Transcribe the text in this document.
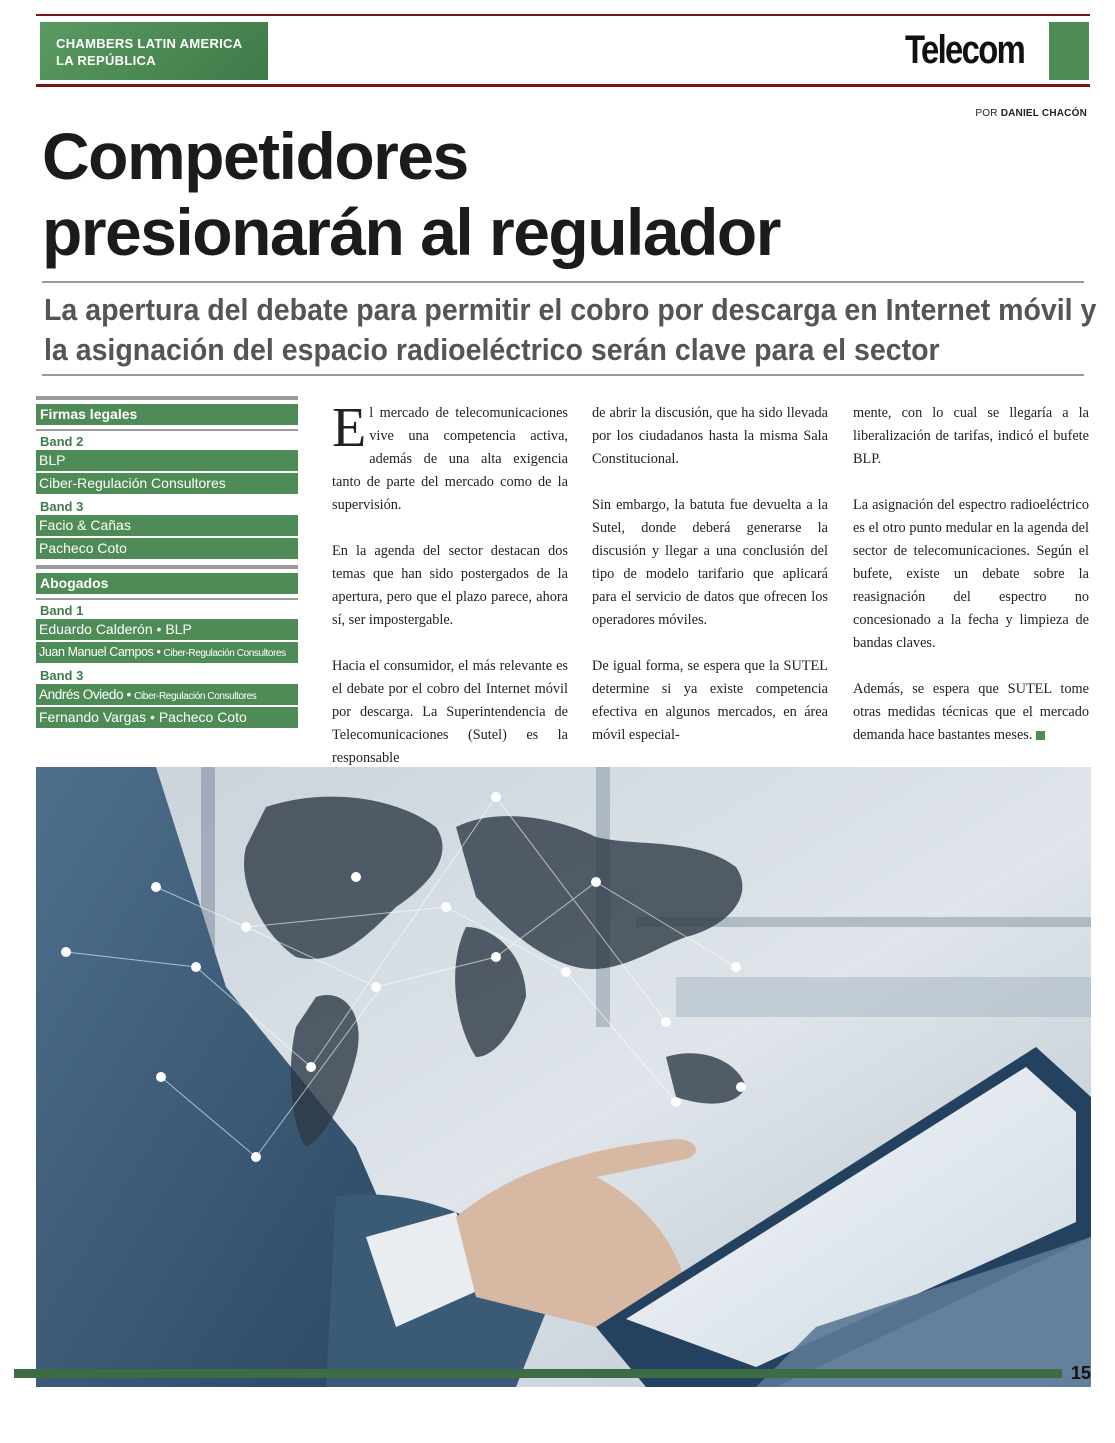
CHAMBERS LATIN AMERICA
LA REPÚBLICA	Telecom
POR DANIEL CHACÓN
Competidores
presionarán al regulador
La apertura del debate para permitir el cobro por descarga en Internet móvil y
la asignación del espacio radioeléctrico serán clave para el sector
Firmas legales
Band 2
BLP
Ciber-Regulación Consultores
Band 3
Facio & Cañas
Pacheco Coto
Abogados
Band 1
Eduardo Calderón • BLP
Juan Manuel Campos • Ciber-Regulación Consultores
Band 3
Andrés Oviedo • Ciber-Regulación Consultores
Fernando Vargas • Pacheco Coto

El mercado de telecomunicaciones vive una competencia activa, además de una alta exigencia tanto de parte del mercado como de la supervisión.

En la agenda del sector destacan dos temas que han sido postergados de la apertura, pero que el plazo parece, ahora sí, ser impostergable.

Hacia el consumidor, el más relevante es el debate por el cobro del Internet móvil por descarga. La Superintendencia de Telecomunicaciones (Sutel) es la responsable

de abrir la discusión, que ha sido llevada por los ciudadanos hasta la misma Sala Constitucional.

Sin embargo, la batuta fue devuelta a la Sutel, donde deberá generarse la discusión y llegar a una conclusión del tipo de modelo tarifario que aplicará para el servicio de datos que ofrecen los operadores móviles.

De igual forma, se espera que la SUTEL determine si ya existe competencia efectiva en algunos mercados, en área móvil especial-

mente, con lo cual se llegaría a la liberalización de tarifas, indicó el bufete BLP.

La asignación del espectro radioeléctrico es el otro punto medular en la agenda del sector de telecomunicaciones. Según el bufete, existe un debate sobre la reasignación del espectro no concesionado a la fecha y limpieza de bandas claves.

Además, se espera que SUTEL tome otras medidas técnicas que el mercado demanda hace bastantes meses.

15
